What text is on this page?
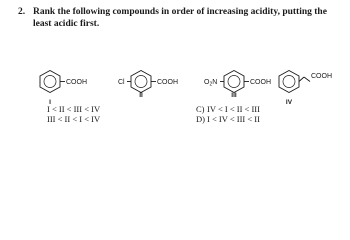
2. Rank the following compounds in order of increasing acidity, putting the least acidic first.
COOH
I
Cl	COOH
II
$O_2N$	COOH
III
COOH
IV
I < II < III < IV
III < II < I < IV
C) IV < I < II < III
D) I < IV < III < II
